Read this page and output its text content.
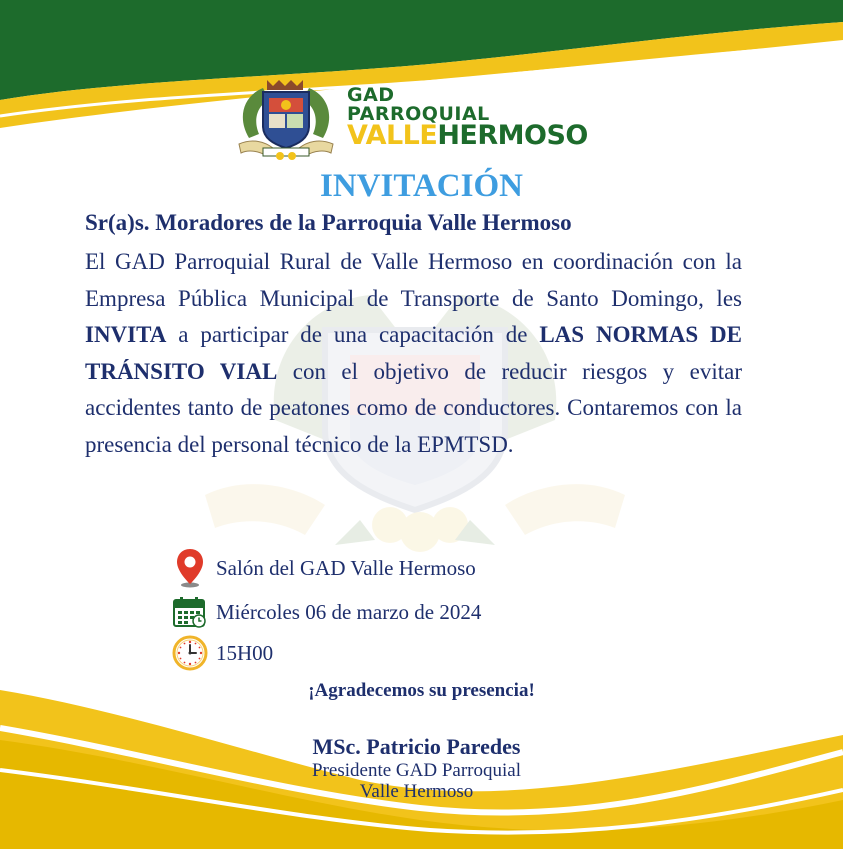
GAD
PARROQUIAL
VALLEHERMOSO
INVITACIÓN
Sr(a)s. Moradores de la Parroquia Valle Hermoso
El GAD Parroquial Rural de Valle Hermoso en coordinación con la Empresa Pública Municipal de Transporte de Santo Domingo, les INVITA a participar de una capacitación de LAS NORMAS DE TRÁNSITO VIAL con el objetivo de reducir riesgos y evitar accidentes tanto de peatones como de conductores. Contaremos con la presencia del personal técnico de la EPMTSD.
Salón del GAD Valle Hermoso
Miércoles 06 de marzo de 2024
15H00
¡Agradecemos su presencia!
MSc. Patricio Paredes
Presidente GAD Parroquial
Valle Hermoso
